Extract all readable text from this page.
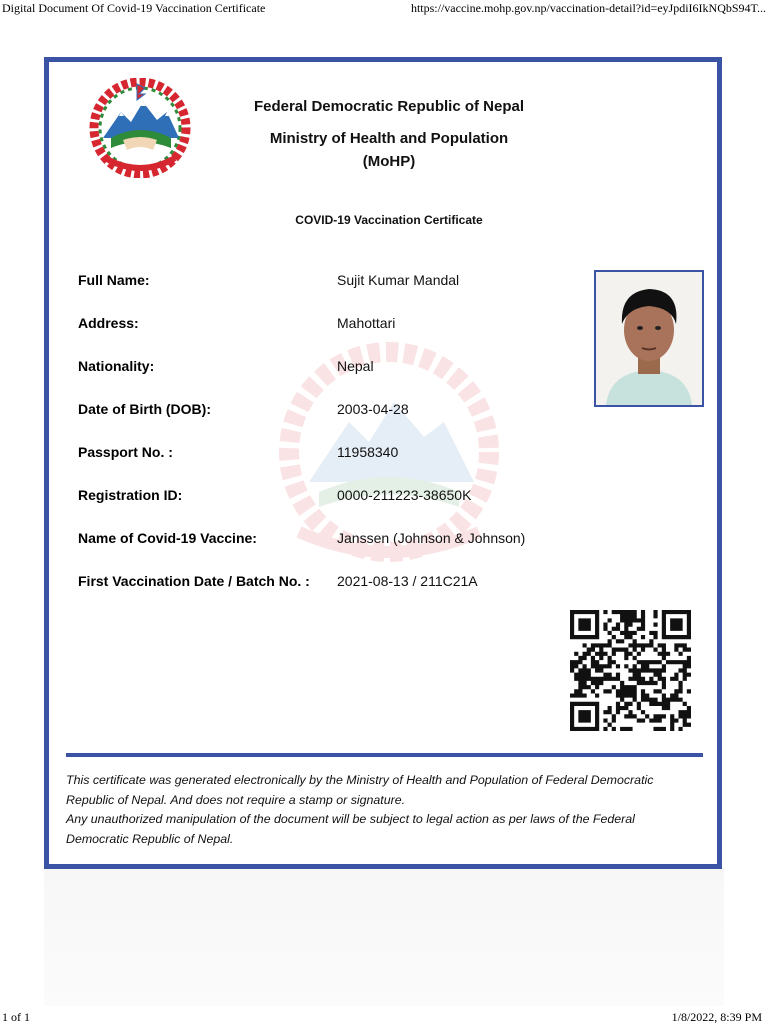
Digital Document Of Covid-19 Vaccination Certificate	https://vaccine.mohp.gov.np/vaccination-detail?id=eyJpdiI6IkNQbS94T...

Federal Democratic Republic of Nepal

Ministry of Health and Population

(MoHP)

COVID-19 Vaccination Certificate
Full Name:	Sujit Kumar Mandal
Address:	Mahottari
Nationality:	Nepal
Date of Birth (DOB):	2003-04-28
Passport No. :	11958340
Registration ID:	0000-211223-38650K
Name of Covid-19 Vaccine:	Janssen (Johnson & Johnson)
First Vaccination Date / Batch No. : 2021-08-13 / 211C21A

This certificate was generated electronically by the Ministry of Health and Population of Federal Democratic Republic of Nepal. And does not require a stamp or signature.

Any unauthorized manipulation of the document will be subject to legal action as per laws of the Federal Democratic Republic of Nepal.

1 of 1	1/8/2022, 8:39 PM
